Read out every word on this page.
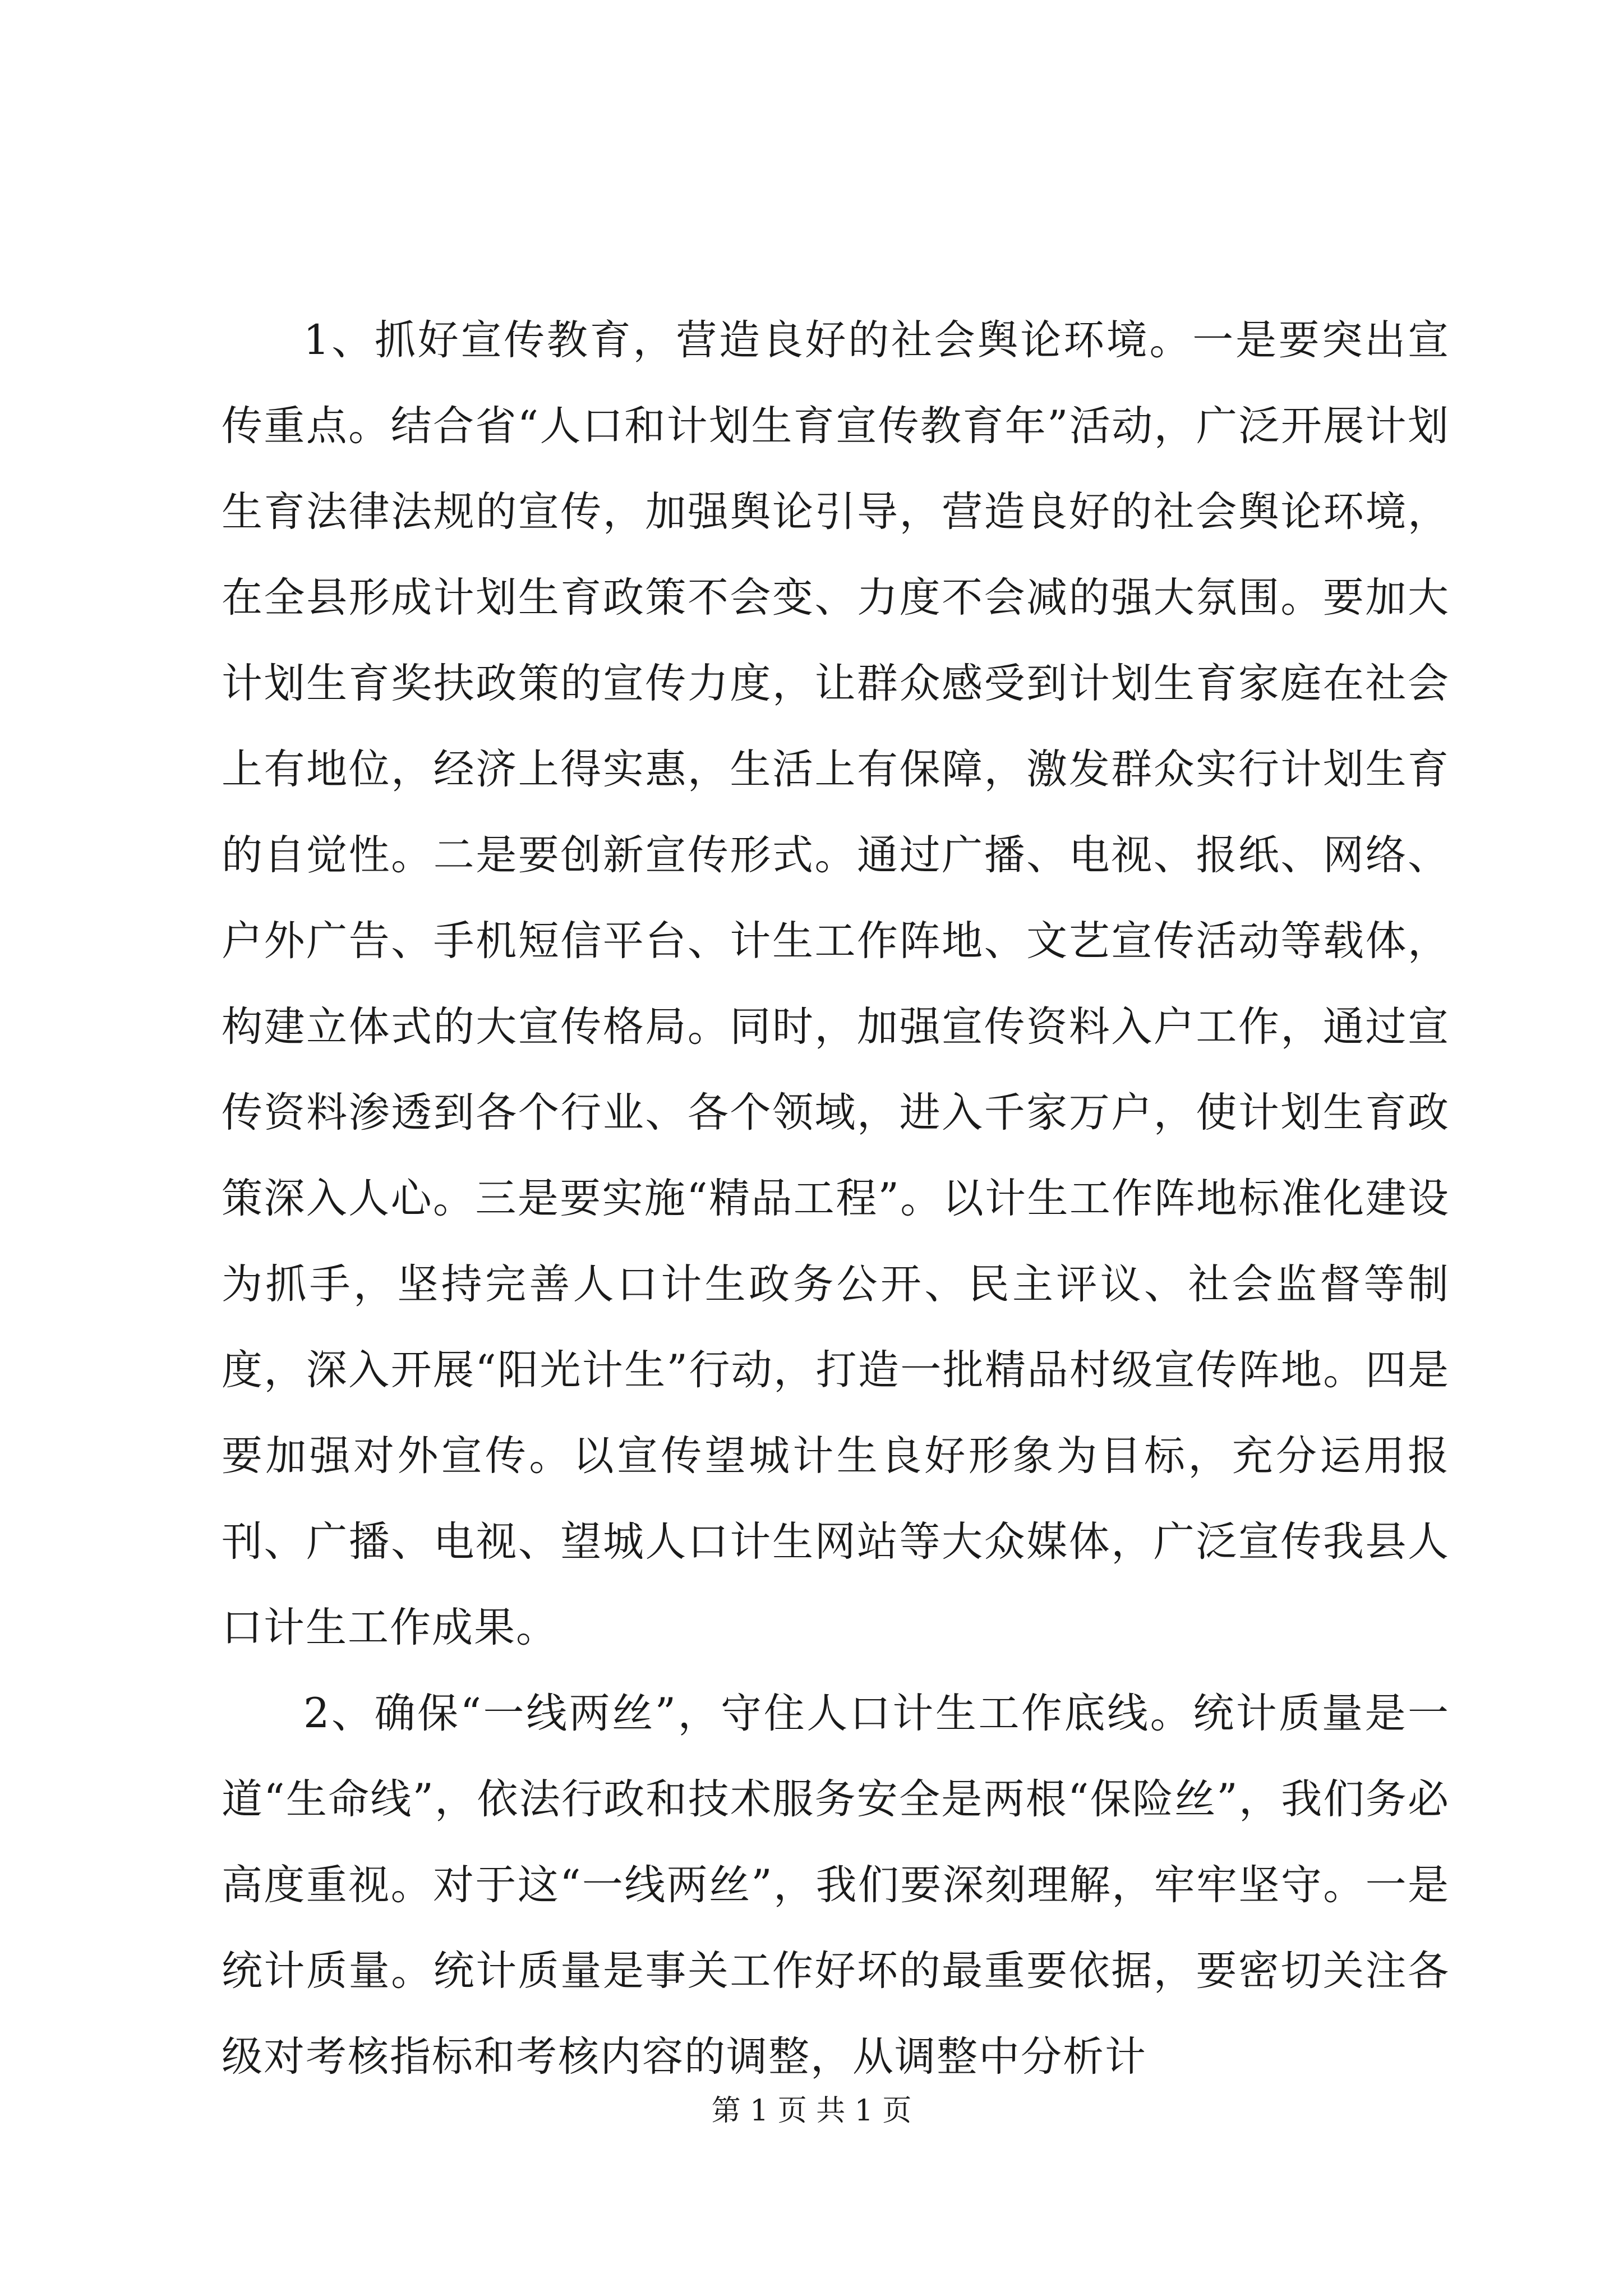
1、抓好宣传教育，营造良好的社会舆论环境。一是要突出宣传重点。结合省“人口和计划生育宣传教育年”活动，广泛开展计划生育法律法规的宣传，加强舆论引导，营造良好的社会舆论环境，在全县形成计划生育政策不会变、力度不会减的强大氛围。要加大计划生育奖扶政策的宣传力度，让群众感受到计划生育家庭在社会上有地位，经济上得实惠，生活上有保障，激发群众实行计划生育的自觉性。二是要创新宣传形式。通过广播、电视、报纸、网络、户外广告、手机短信平台、计生工作阵地、文艺宣传活动等载体，构建立体式的大宣传格局。同时，加强宣传资料入户工作，通过宣传资料渗透到各个行业、各个领域，进入千家万户，使计划生育政策深入人心。三是要实施“精品工程”。以计生工作阵地标准化建设为抓手，坚持完善人口计生政务公开、民主评议、社会监督等制度，深入开展“阳光计生”行动，打造一批精品村级宣传阵地。四是要加强对外宣传。以宣传望城计生良好形象为目标，充分运用报刊、广播、电视、望城人口计生网站等大众媒体，广泛宣传我县人口计生工作成果。

2、确保“一线两丝”，守住人口计生工作底线。统计质量是一道“生命线”，依法行政和技术服务安全是两根“保险丝”，我们务必高度重视。对于这“一线两丝”，我们要深刻理解，牢牢坚守。一是统计质量。统计质量是事关工作好坏的最重要依据，要密切关注各级对考核指标和考核内容的调整，从调整中分析计

第 1 页 共 1 页
